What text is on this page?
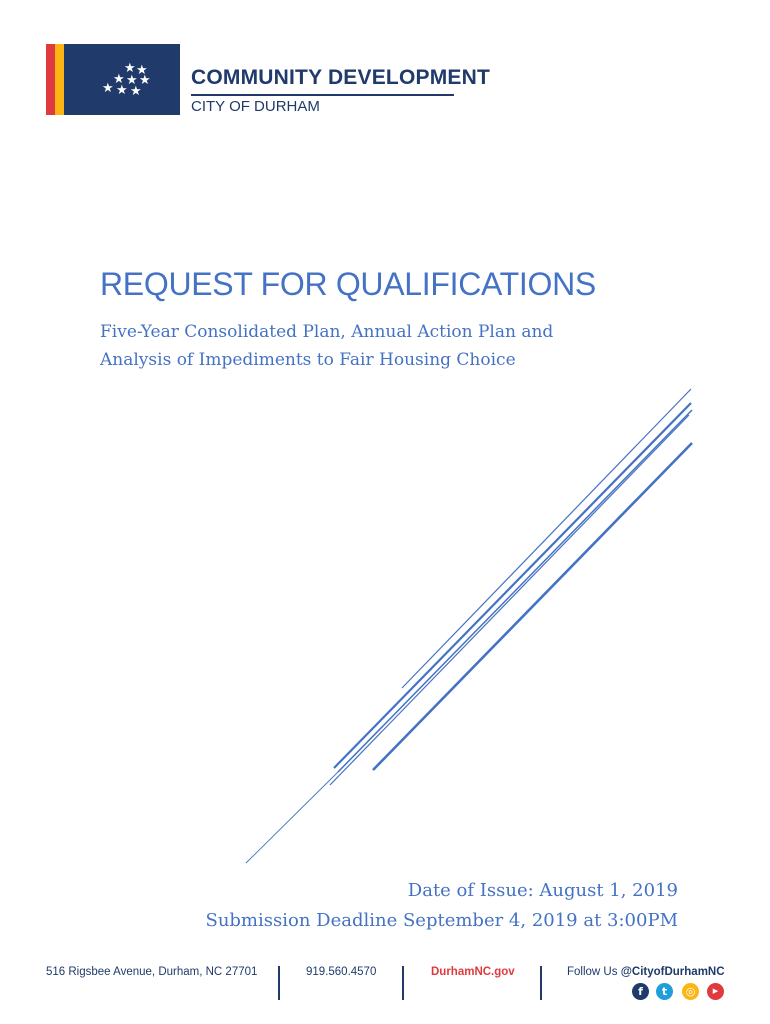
★ ★
★ ★ ★
★ ★ ★
COMMUNITY DEVELOPMENT
CITY OF DURHAM
REQUEST FOR QUALIFICATIONS
Five-Year Consolidated Plan, Annual Action Plan and
Analysis of Impediments to Fair Housing Choice
Date of Issue: August 1, 2019
Submission Deadline September 4, 2019 at 3:00PM
516 Rigsbee Avenue, Durham, NC 27701	919.560.4570	DurhamNC.gov	Follow Us @CityofDurhamNC
f	t	◎	▶
